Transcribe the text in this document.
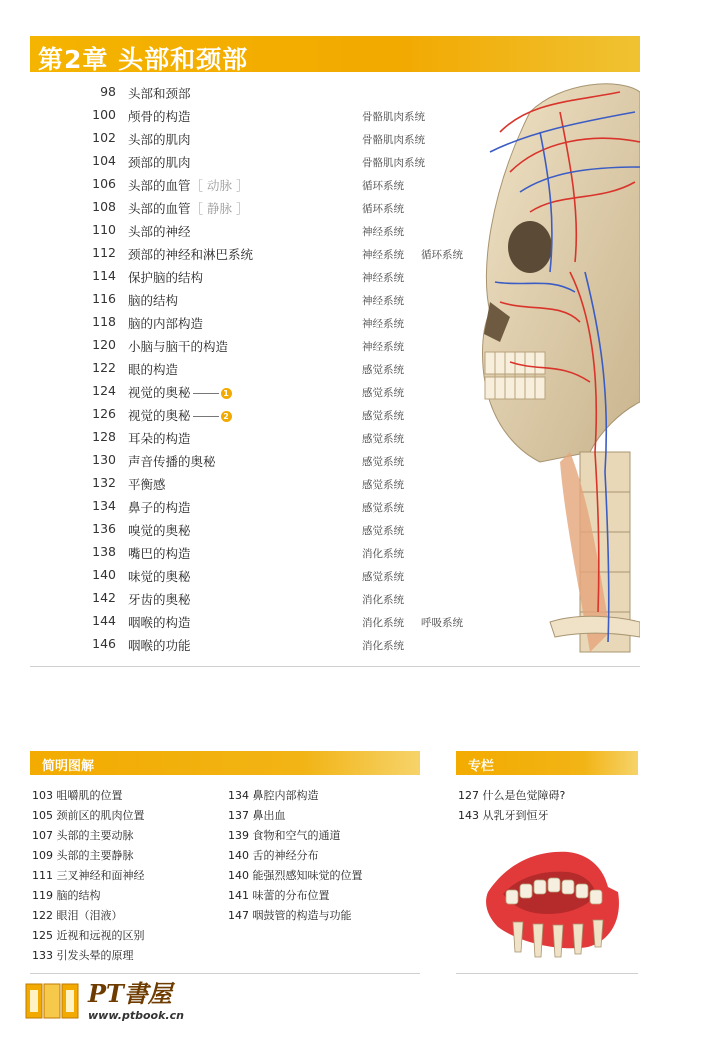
第2章 头部和颈部
98 头部和颈部
100 颅骨的构造	骨骼肌肉系统
102 头部的肌肉	骨骼肌肉系统
104 颈部的肌肉	骨骼肌肉系统
106 头部的血管［ 动脉 ］	循环系统
108 头部的血管［ 静脉 ］	循环系统
110 头部的神经	神经系统
112 颈部的神经和淋巴系统	神经系统 循环系统
114 保护脑的结构	神经系统
116 脑的结构	神经系统
118 脑的内部构造	神经系统
120 小脑与脑干的构造	神经系统
122 眼的构造	感觉系统
124 视觉的奥秘	1	感觉系统
126 视觉的奥秘	2	感觉系统
128 耳朵的构造	感觉系统
130 声音传播的奥秘	感觉系统
132 平衡感	感觉系统
134 鼻子的构造	感觉系统
136 嗅觉的奥秘	感觉系统
138 嘴巴的构造	消化系统
140 味觉的奥秘	感觉系统
142 牙齿的奥秘	消化系统
144 咽喉的构造	消化系统 呼吸系统
146 咽喉的功能	消化系统
简明图解
103 咀嚼肌的位置
105 颈前区的肌肉位置
107 头部的主要动脉
109 头部的主要静脉
111 三叉神经和面神经
119 脑的结构
122 眼泪（泪液）
125 近视和远视的区别
133 引发头晕的原理
134 鼻腔内部构造
137 鼻出血
139 食物和空气的通道
140 舌的神经分布
140 能强烈感知味觉的位置
141 味蕾的分布位置
147 咽鼓管的构造与功能
专栏
127 什么是色觉障碍?
143 从乳牙到恒牙
PT書屋
www.ptbook.cn
